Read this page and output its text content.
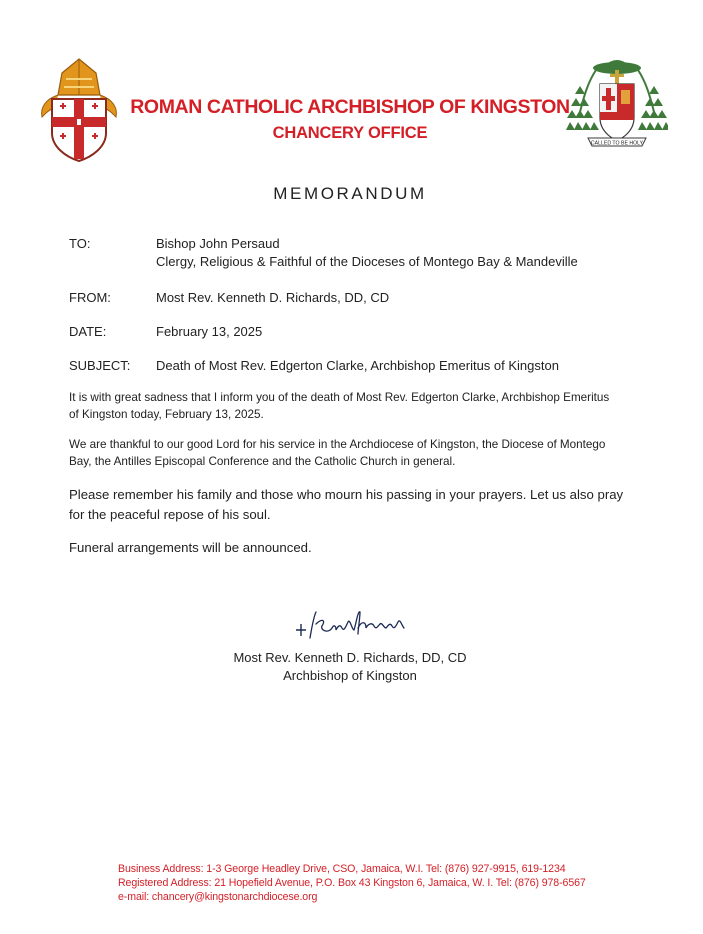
CALLED TO BE HOLY
ROMAN CATHOLIC ARCHBISHOP OF KINGSTON
CHANCERY OFFICE
MEMORANDUM
TO:	Bishop John Persaud
Clergy, Religious & Faithful of the Dioceses of Montego Bay & Mandeville
FROM:	Most Rev. Kenneth D. Richards, DD, CD
DATE:	February 13, 2025
SUBJECT: Death of Most Rev. Edgerton Clarke, Archbishop Emeritus of Kingston
It is with great sadness that I inform you of the death of Most Rev. Edgerton Clarke, Archbishop Emeritus
of Kingston today, February 13, 2025.
We are thankful to our good Lord for his service in the Archdiocese of Kingston, the Diocese of Montego
Bay, the Antilles Episcopal Conference and the Catholic Church in general.
Please remember his family and those who mourn his passing in your prayers. Let us also pray
for the peaceful repose of his soul.
Funeral arrangements will be announced.
Most Rev. Kenneth D. Richards, DD, CD
Archbishop of Kingston
Business Address: 1-3 George Headley Drive, CSO, Jamaica, W.I. Tel: (876) 927-9915, 619-1234
Registered Address: 21 Hopefield Avenue, P.O. Box 43 Kingston 6, Jamaica, W. I. Tel: (876) 978-6567
e-mail: chancery@kingstonarchdiocese.org
